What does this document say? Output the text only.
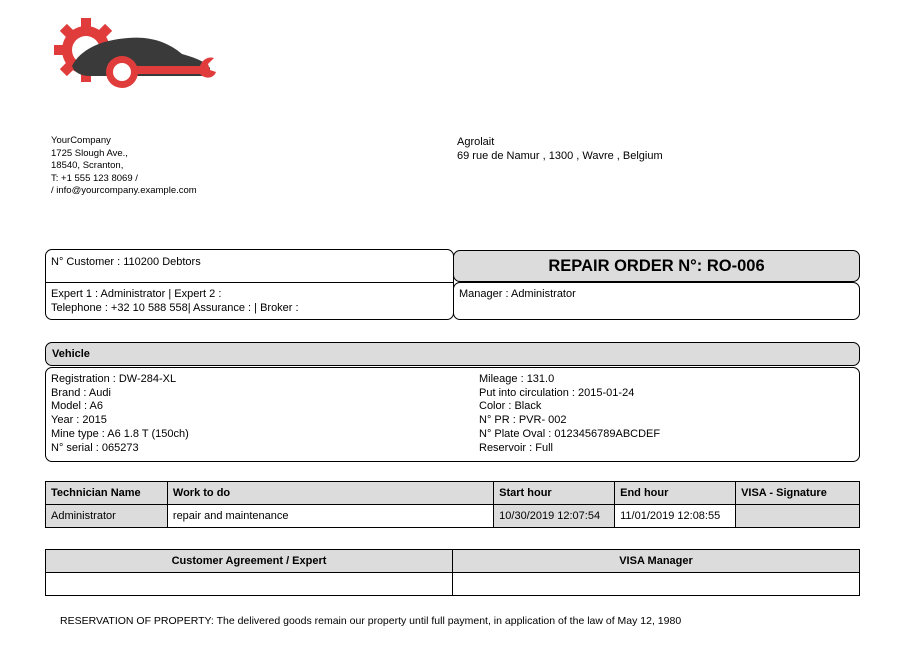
YourCompany
1725 Slough Ave.,
18540, Scranton,
T: +1 555 123 8069 /
/ info@yourcompany.example.com
Agrolait
69 rue de Namur , 1300 , Wavre , Belgium
N° Customer : 110200 Debtors
Expert 1 : Administrator | Expert 2 :
Telephone : +32 10 588 558| Assurance : | Broker :
REPAIR ORDER N°: RO-006
Manager : Administrator
Vehicle
Registration : DW-284-XL
Brand : Audi
Model : A6
Year : 2015
Mine type : A6 1.8 T (150ch)
N° serial : 065273
Mileage : 131.0
Put into circulation : 2015-01-24
Color : Black
N° PR : PVR- 002
N° Plate Oval : 0123456789ABCDEF
Reservoir : Full
Technician Name	Work to do	Start hour	End hour	VISA - Signature
Administrator	repair and maintenance	10/30/2019 12:07:54	11/01/2019 12:08:55	
Customer Agreement / Expert	VISA Manager

RESERVATION OF PROPERTY: The delivered goods remain our property until full payment, in application of the law of May 12, 1980
